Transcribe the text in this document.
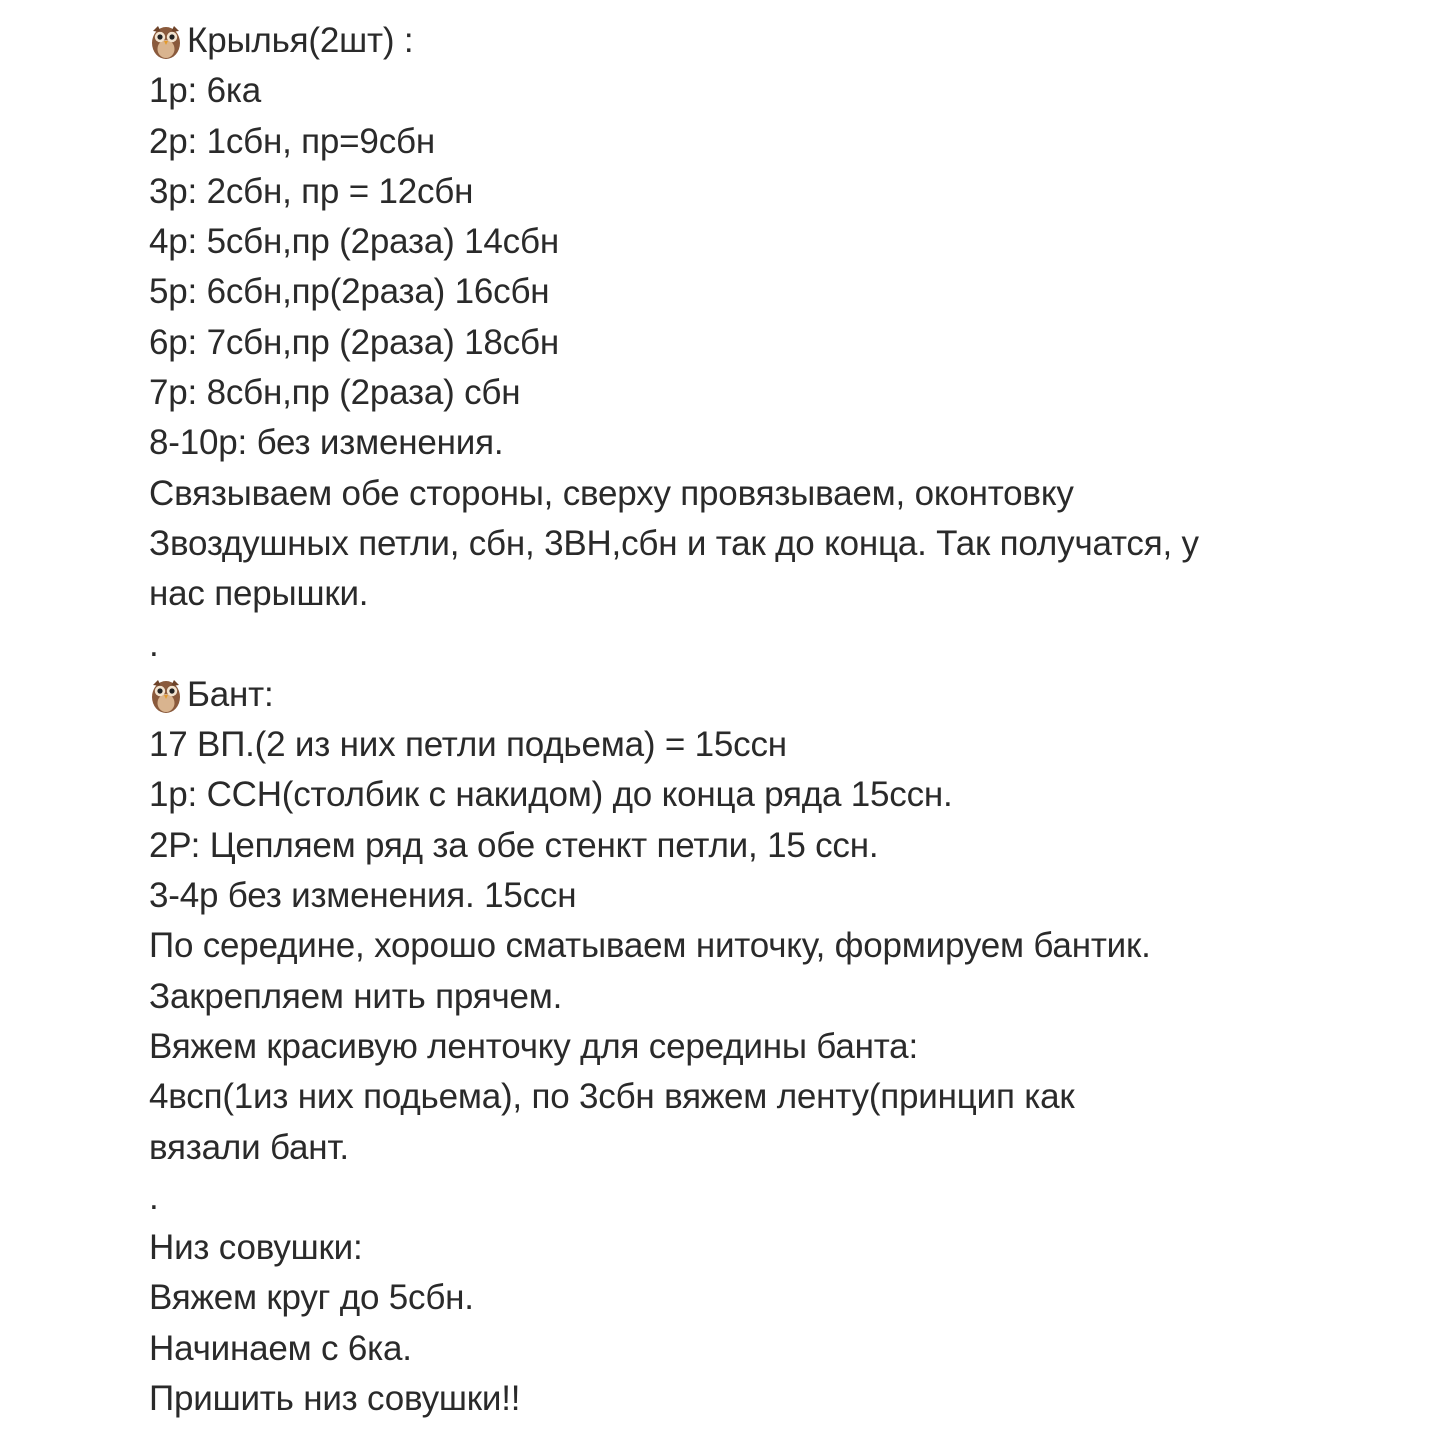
Крылья(2шт) :
1р: 6ка
2р: 1сбн, пр=9сбн
3р: 2сбн, пр = 12сбн
4р: 5сбн,пр (2раза) 14сбн
5р: 6сбн,пр(2раза) 16сбн
6р: 7сбн,пр (2раза) 18сбн
7р: 8сбн,пр (2раза) сбн
8-10р: без изменения.
Связываем обе стороны, сверху провязываем, оконтовку
Звоздушных петли, сбн, 3ВН,сбн и так до конца. Так получатся, у
нас перышки.
.
Бант:
17 ВП.(2 из них петли подьема) = 15ссн
1р: ССН(столбик с накидом) до конца ряда 15ссн.
2Р: Цепляем ряд за обе стенкт петли, 15 ссн.
3-4р без изменения. 15ссн
По середине, хорошо сматываем ниточку, формируем бантик.
Закрепляем нить прячем.
Вяжем красивую ленточку для середины банта:
4всп(1из них подьема), по 3сбн вяжем ленту(принцип как
вязали бант.
.
Низ совушки:
Вяжем круг до 5сбн.
Начинаем с 6ка.
Пришить низ совушки!!
